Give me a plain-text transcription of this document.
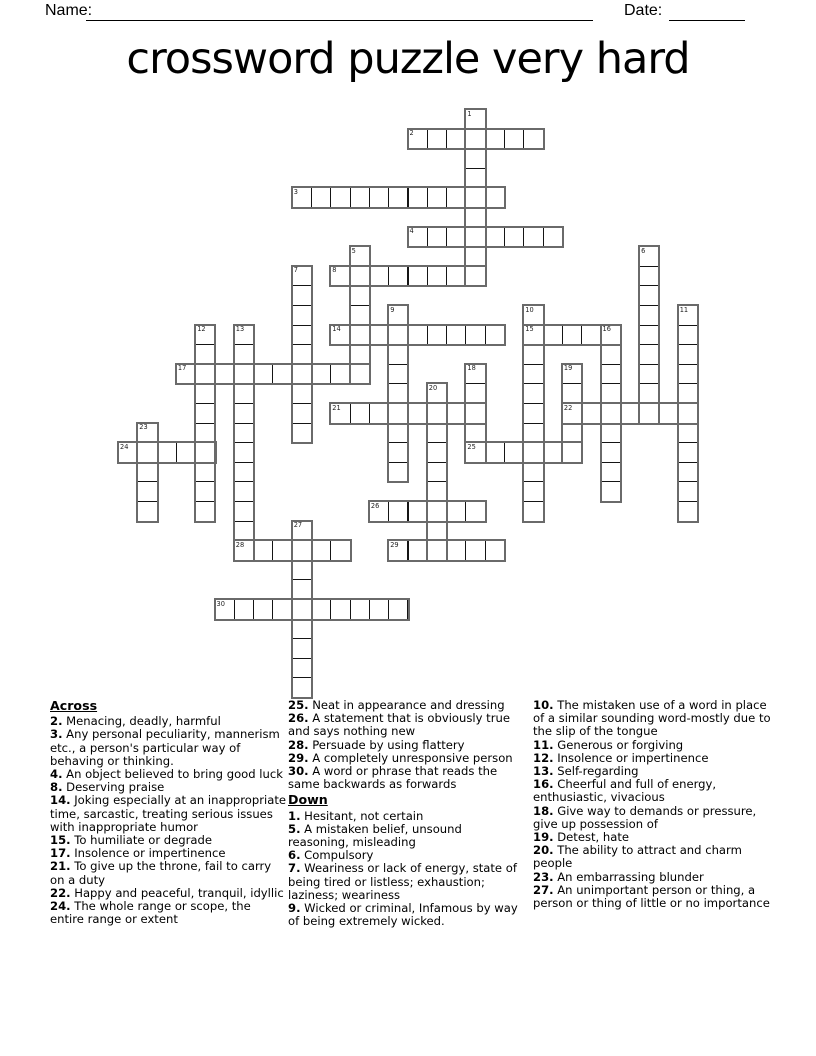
Name:	Date:
crossword puzzle very hard
1
2
3
4
5	6
7	8
9	10	11
12	13	14	15	16
17	18	19
20
21	22
23
24	25
26
27
28	29
30
Across
2. Menacing, deadly, harmful
3. Any personal peculiarity, mannerism etc., a person's particular way of behaving or thinking.
4. An object believed to bring good luck
8. Deserving praise
14. Joking especially at an inappropriate time, sarcastic, treating serious issues with inappropriate humor
15. To humiliate or degrade
17. Insolence or impertinence
21. To give up the throne, fail to carry on a duty
22. Happy and peaceful, tranquil, idyllic
24. The whole range or scope, the entire range or extent
25. Neat in appearance and dressing
26. A statement that is obviously true and says nothing new
28. Persuade by using flattery
29. A completely unresponsive person
30. A word or phrase that reads the same backwards as forwards
Down
1. Hesitant, not certain
5. A mistaken belief, unsound reasoning, misleading
6. Compulsory
7. Weariness or lack of energy, state of being tired or listless; exhaustion; laziness; weariness
9. Wicked or criminal, Infamous by way of being extremely wicked.
10. The mistaken use of a word in place of a similar sounding word-mostly due to the slip of the tongue
11. Generous or forgiving
12. Insolence or impertinence
13. Self-regarding
16. Cheerful and full of energy, enthusiastic, vivacious
18. Give way to demands or pressure, give up possession of
19. Detest, hate
20. The ability to attract and charm people
23. An embarrassing blunder
27. An unimportant person or thing, a person or thing of little or no importance
